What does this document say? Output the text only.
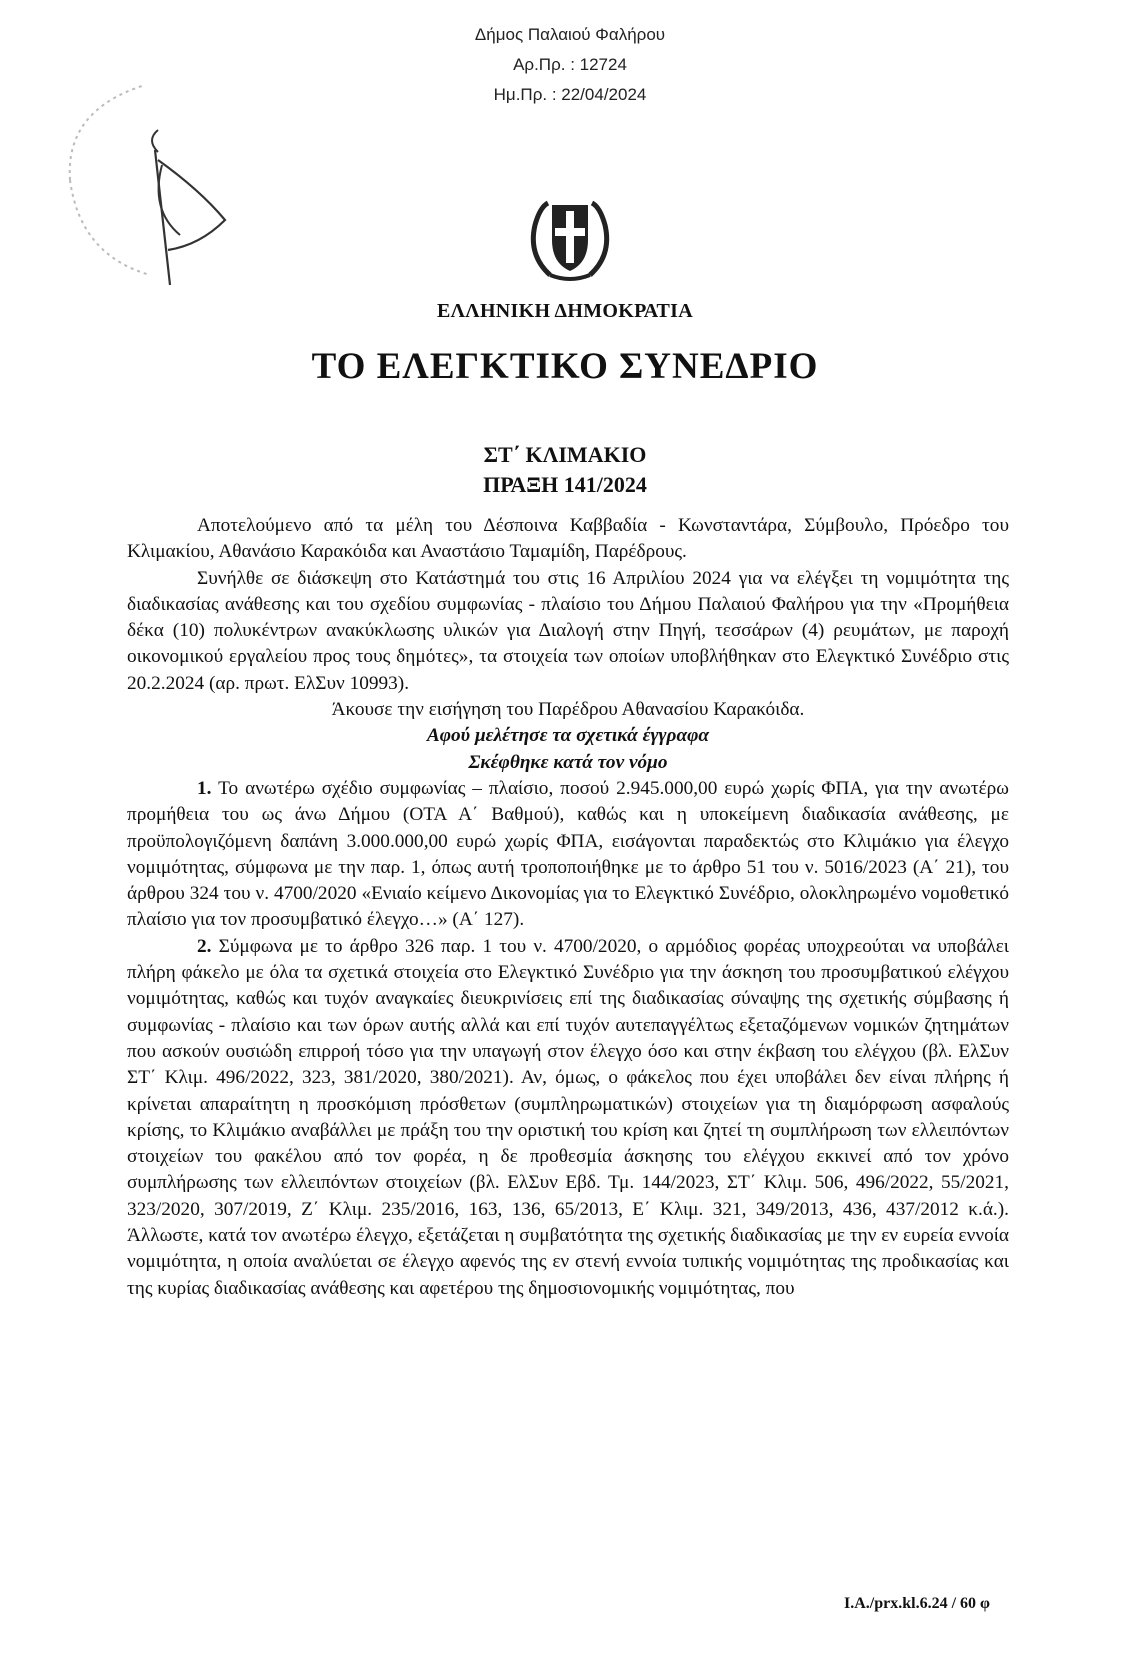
Δήμος Παλαιού Φαλήρου
Αρ.Πρ. : 12724
Ημ.Πρ. : 22/04/2024
ΕΛΛΗΝΙΚΗ ΔΗΜΟΚΡΑΤΙΑ
ΤΟ ΕΛΕΓΚΤΙΚΟ ΣΥΝΕΔΡΙΟ
ΣΤ΄ ΚΛΙΜΑΚΙΟ
ΠΡΑΞΗ 141/2024

Αποτελούμενο από τα μέλη του Δέσποινα Καββαδία - Κωνσταντάρα, Σύμβουλο, Πρόεδρο του Κλιμακίου, Αθανάσιο Καρακόιδα και Αναστάσιο Ταμαμίδη, Παρέδρους.

Συνήλθε σε διάσκεψη στο Κατάστημά του στις 16 Απριλίου 2024 για να ελέγξει τη νομιμότητα της διαδικασίας ανάθεσης και του σχεδίου συμφωνίας - πλαίσιο του Δήμου Παλαιού Φαλήρου για την «Προμήθεια δέκα (10) πολυκέντρων ανακύκλωσης υλικών για Διαλογή στην Πηγή, τεσσάρων (4) ρευμάτων, με παροχή οικονομικού εργαλείου προς τους δημότες», τα στοιχεία των οποίων υποβλήθηκαν στο Ελεγκτικό Συνέδριο στις 20.2.2024 (αρ. πρωτ. ΕλΣυν 10993).

Άκουσε την εισήγηση του Παρέδρου Αθανασίου Καρακόιδα.

Αφού μελέτησε τα σχετικά έγγραφα

Σκέφθηκε κατά τον νόμο

1. Το ανωτέρω σχέδιο συμφωνίας – πλαίσιο, ποσού 2.945.000,00 ευρώ χωρίς ΦΠΑ, για την ανωτέρω προμήθεια του ως άνω Δήμου (ΟΤΑ Α΄ Βαθμού), καθώς και η υποκείμενη διαδικασία ανάθεσης, με προϋπολογιζόμενη δαπάνη 3.000.000,00 ευρώ χωρίς ΦΠΑ, εισάγονται παραδεκτώς στο Κλιμάκιο για έλεγχο νομιμότητας, σύμφωνα με την παρ. 1, όπως αυτή τροποποιήθηκε με το άρθρο 51 του ν. 5016/2023 (Α΄ 21), του άρθρου 324 του ν. 4700/2020 «Ενιαίο κείμενο Δικονομίας για το Ελεγκτικό Συνέδριο, ολοκληρωμένο νομοθετικό πλαίσιο για τον προσυμβατικό έλεγχο…» (Α΄ 127).

2. Σύμφωνα με το άρθρο 326 παρ. 1 του ν. 4700/2020, ο αρμόδιος φορέας υποχρεούται να υποβάλει πλήρη φάκελο με όλα τα σχετικά στοιχεία στο Ελεγκτικό Συνέδριο για την άσκηση του προσυμβατικού ελέγχου νομιμότητας, καθώς και τυχόν αναγκαίες διευκρινίσεις επί της διαδικασίας σύναψης της σχετικής σύμβασης ή συμφωνίας - πλαίσιο και των όρων αυτής αλλά και επί τυχόν αυτεπαγγέλτως εξεταζόμενων νομικών ζητημάτων που ασκούν ουσιώδη επιρροή τόσο για την υπαγωγή στον έλεγχο όσο και στην έκβαση του ελέγχου (βλ. ΕλΣυν ΣΤ΄ Κλιμ. 496/2022, 323, 381/2020, 380/2021). Αν, όμως, ο φάκελος που έχει υποβάλει δεν είναι πλήρης ή κρίνεται απαραίτητη η προσκόμιση πρόσθετων (συμπληρωματικών) στοιχείων για τη διαμόρφωση ασφαλούς κρίσης, το Κλιμάκιο αναβάλλει με πράξη του την οριστική του κρίση και ζητεί τη συμπλήρωση των ελλειπόντων στοιχείων του φακέλου από τον φορέα, η δε προθεσμία άσκησης του ελέγχου εκκινεί από τον χρόνο συμπλήρωσης των ελλειπόντων στοιχείων (βλ. ΕλΣυν Εβδ. Τμ. 144/2023, ΣΤ΄ Κλιμ. 506, 496/2022, 55/2021, 323/2020, 307/2019, Ζ΄ Κλιμ. 235/2016, 163, 136, 65/2013, Ε΄ Κλιμ. 321, 349/2013, 436, 437/2012 κ.ά.). Άλλωστε, κατά τον ανωτέρω έλεγχο, εξετάζεται η συμβατότητα της σχετικής διαδικασίας με την εν ευρεία εννοία νομιμότητα, η οποία αναλύεται σε έλεγχο αφενός της εν στενή εννοία τυπικής νομιμότητας της προδικασίας και της κυρίας διαδικασίας ανάθεσης και αφετέρου της δημοσιονομικής νομιμότητας, που

I.A./prx.kl.6.24 / 60 φ
